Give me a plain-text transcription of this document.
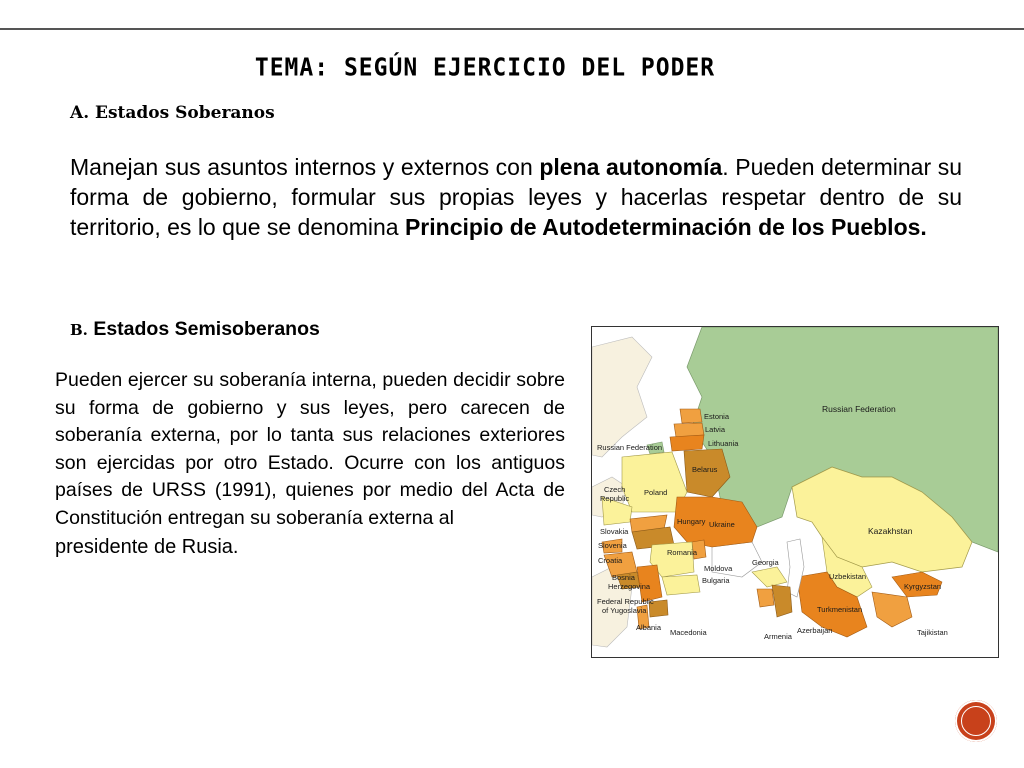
TEMA: SEGÚN EJERCICIO DEL PODER
A. Estados Soberanos
Manejan sus asuntos internos y externos con plena autonomía. Pueden determinar su forma de gobierno, formular sus propias leyes y hacerlas respetar dentro de su territorio, es lo que se denomina Principio de Autodeterminación de los Pueblos.
B. Estados Semisoberanos
Pueden ejercer su soberanía interna, pueden decidir sobre su forma de gobierno y sus leyes, pero carecen de soberanía externa, por lo tanta sus relaciones exteriores son ejercidas por otro Estado. Ocurre con los antiguos países de URSS (1991), quienes por medio del Acta de Constitución entregan su soberanía externa al
presidente de Rusia.
Russian Federation
Russian Federation
Estonia
Latvia
Lithuania
Belarus
Poland
Czech
Republic
Slovakia
Hungary Ukraine
Slovenia
Croatia
Romania
Moldova
Bosnia
Herzegovina
Bulgaria
Federal Republic
of Yugoslavia
Albania
Macedonia
Georgia
Armenia
Azerbaijan
Kazakhstan
Uzbekistan
Turkmenistan
Kyrgyzstan
Tajikistan
